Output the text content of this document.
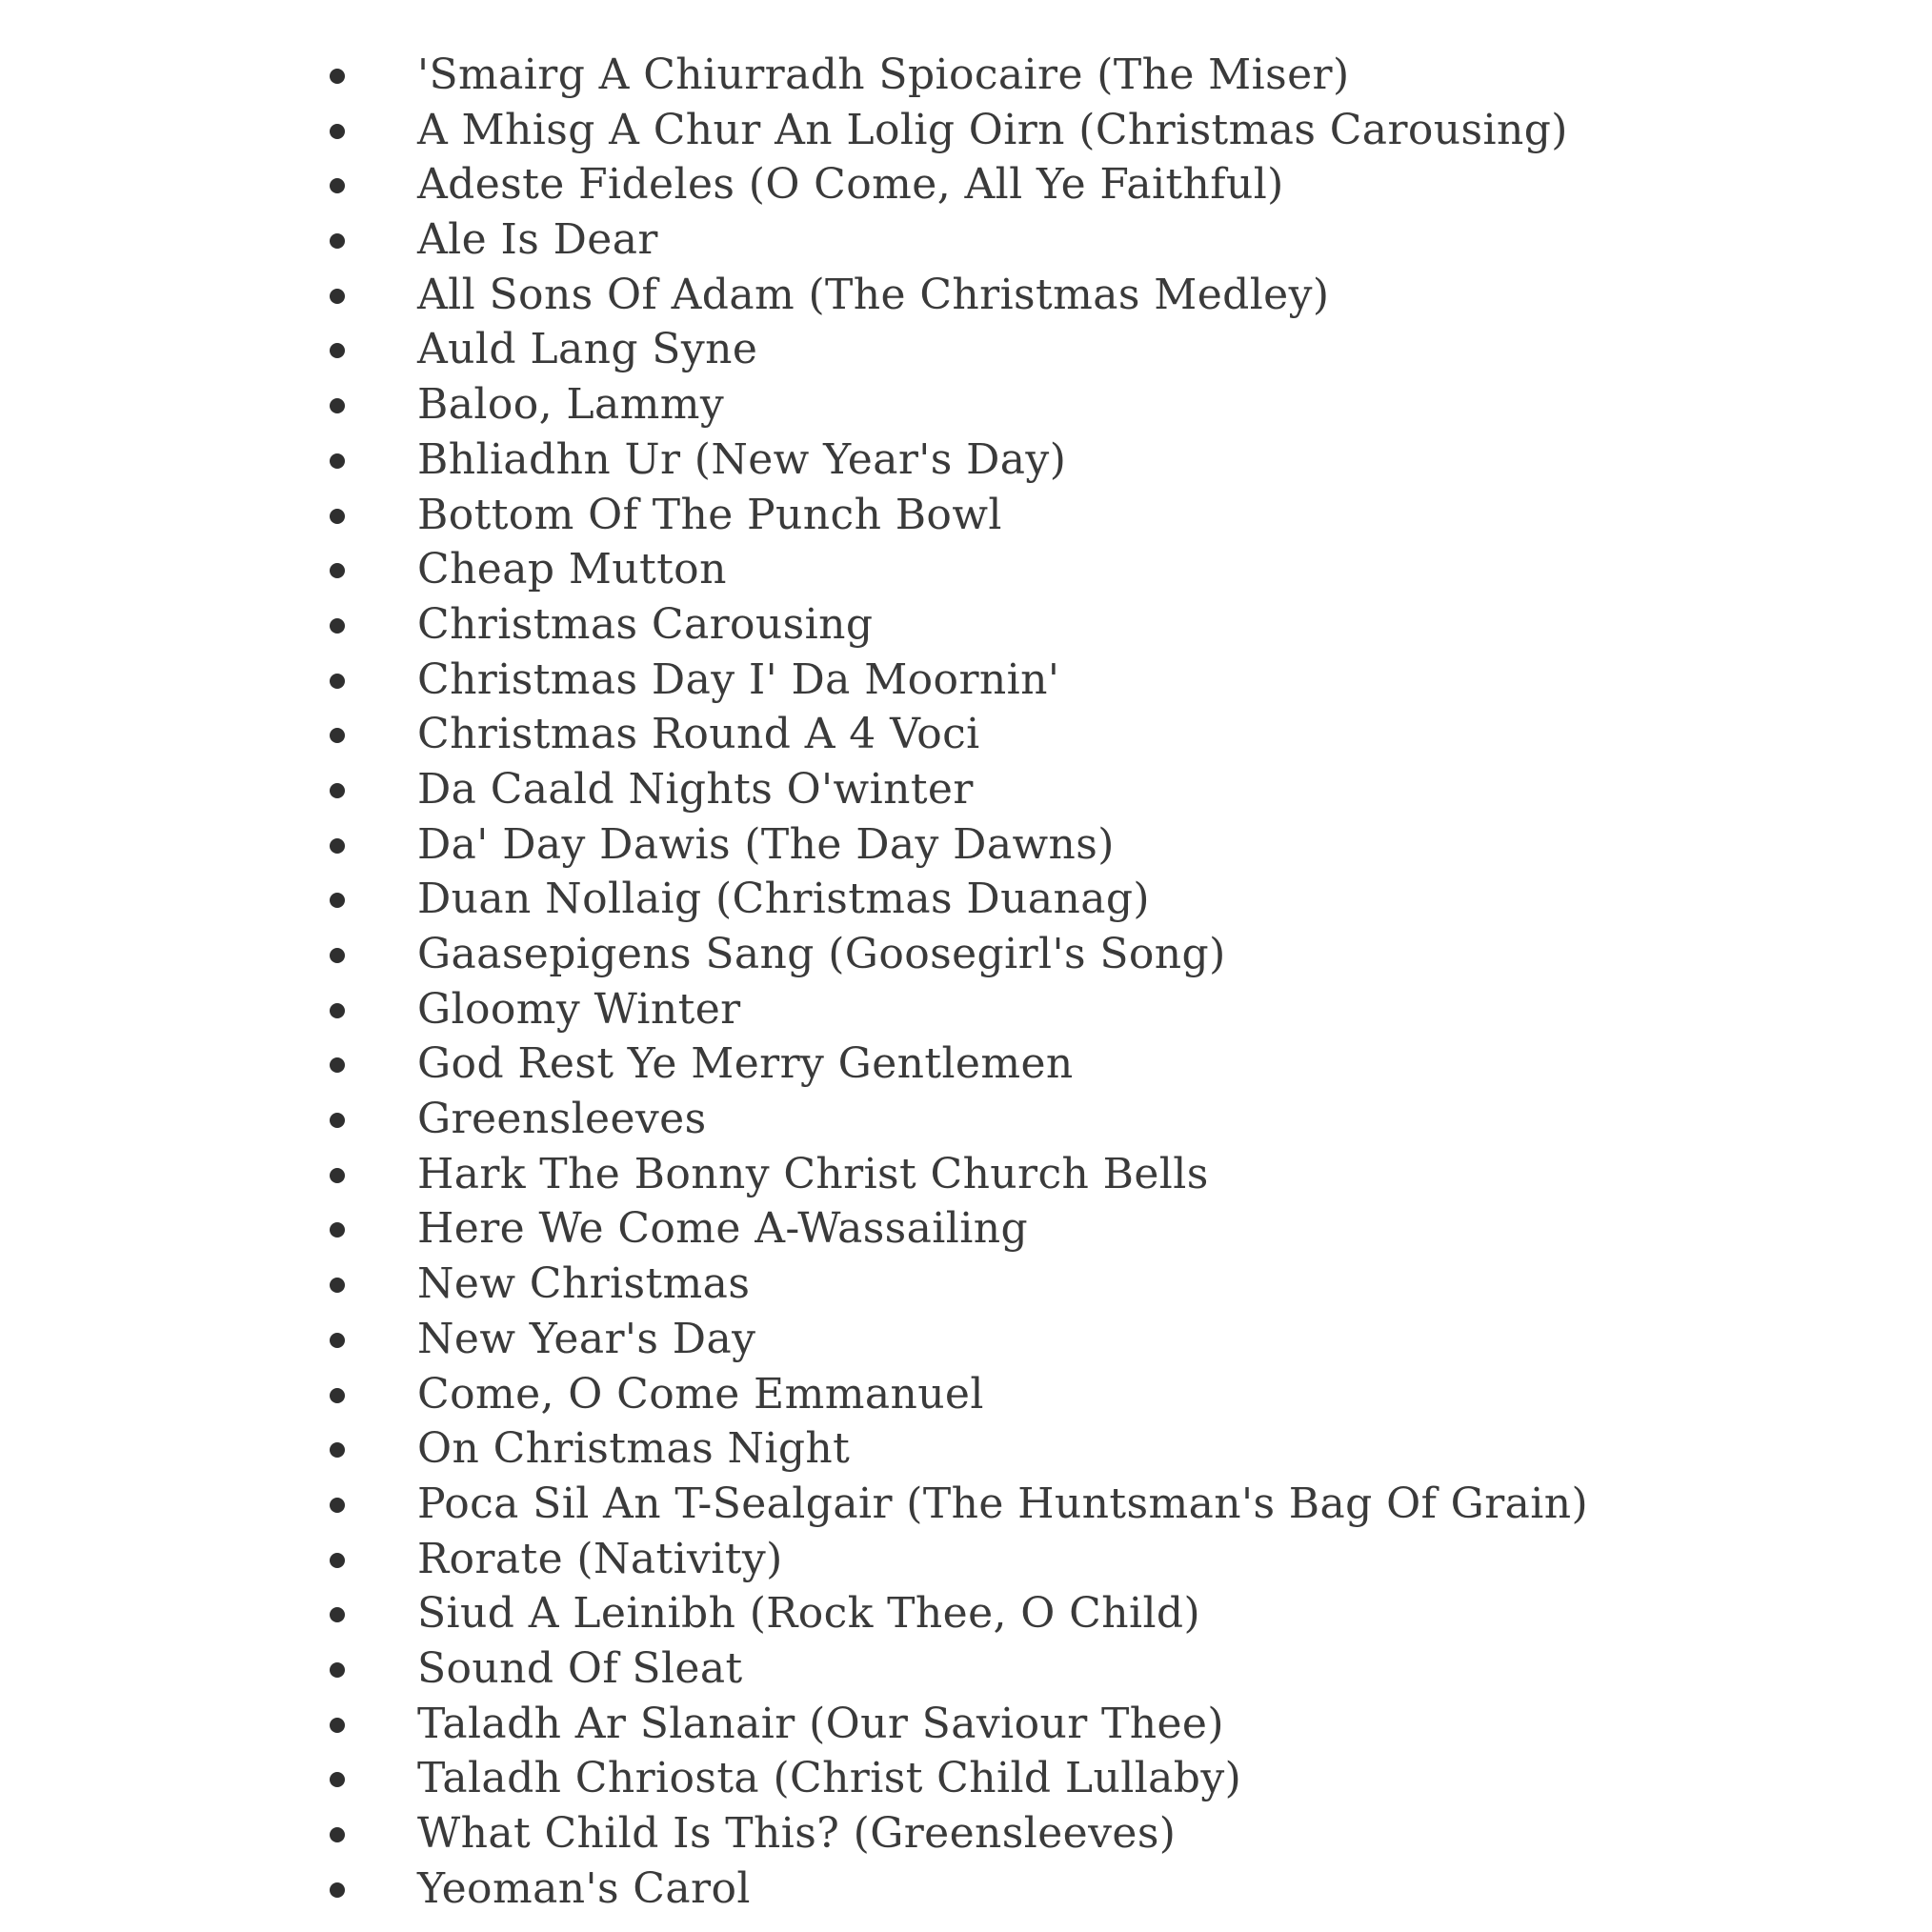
'Smairg A Chiurradh Spiocaire (The Miser)
A Mhisg A Chur An Lolig Oirn (Christmas Carousing)
Adeste Fideles (O Come, All Ye Faithful)
Ale Is Dear
All Sons Of Adam (The Christmas Medley)
Auld Lang Syne
Baloo, Lammy
Bhliadhn Ur (New Year's Day)
Bottom Of The Punch Bowl
Cheap Mutton
Christmas Carousing
Christmas Day I' Da Moornin'
Christmas Round A 4 Voci
Da Caald Nights O'winter
Da' Day Dawis (The Day Dawns)
Duan Nollaig (Christmas Duanag)
Gaasepigens Sang (Goosegirl's Song)
Gloomy Winter
God Rest Ye Merry Gentlemen
Greensleeves
Hark The Bonny Christ Church Bells
Here We Come A-Wassailing
New Christmas
New Year's Day
Come, O Come Emmanuel
On Christmas Night
Poca Sil An T-Sealgair (The Huntsman's Bag Of Grain)
Rorate (Nativity)
Siud A Leinibh (Rock Thee, O Child)
Sound Of Sleat
Taladh Ar Slanair (Our Saviour Thee)
Taladh Chriosta (Christ Child Lullaby)
What Child Is This? (Greensleeves)
Yeoman's Carol
